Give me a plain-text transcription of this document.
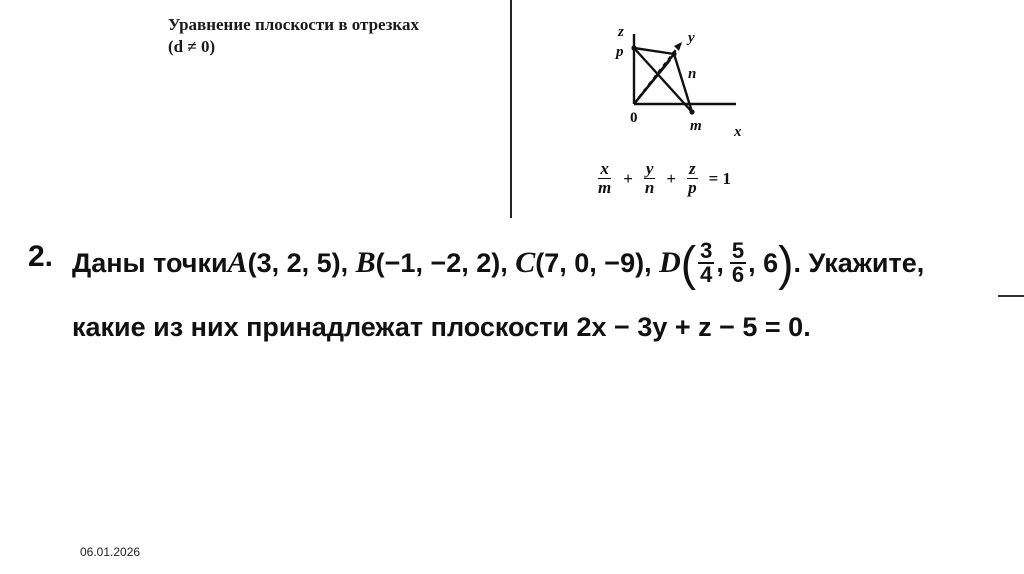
Уравнение плоскости в отрезках
(d ≠ 0)
z
p
y
n
m x
0
$\frac{x}{m} + \frac{y}{n} + \frac{z}{p} = 1$
2. Даны точки A (3, 2, 5), B (−1, −2, 2), C (7, 0, −9), D ( 3
4 , 5
6 , 6 ) . Укажите,
какие из них принадлежат плоскости 2x − 3y + z − 5 = 0.
06.01.2026
